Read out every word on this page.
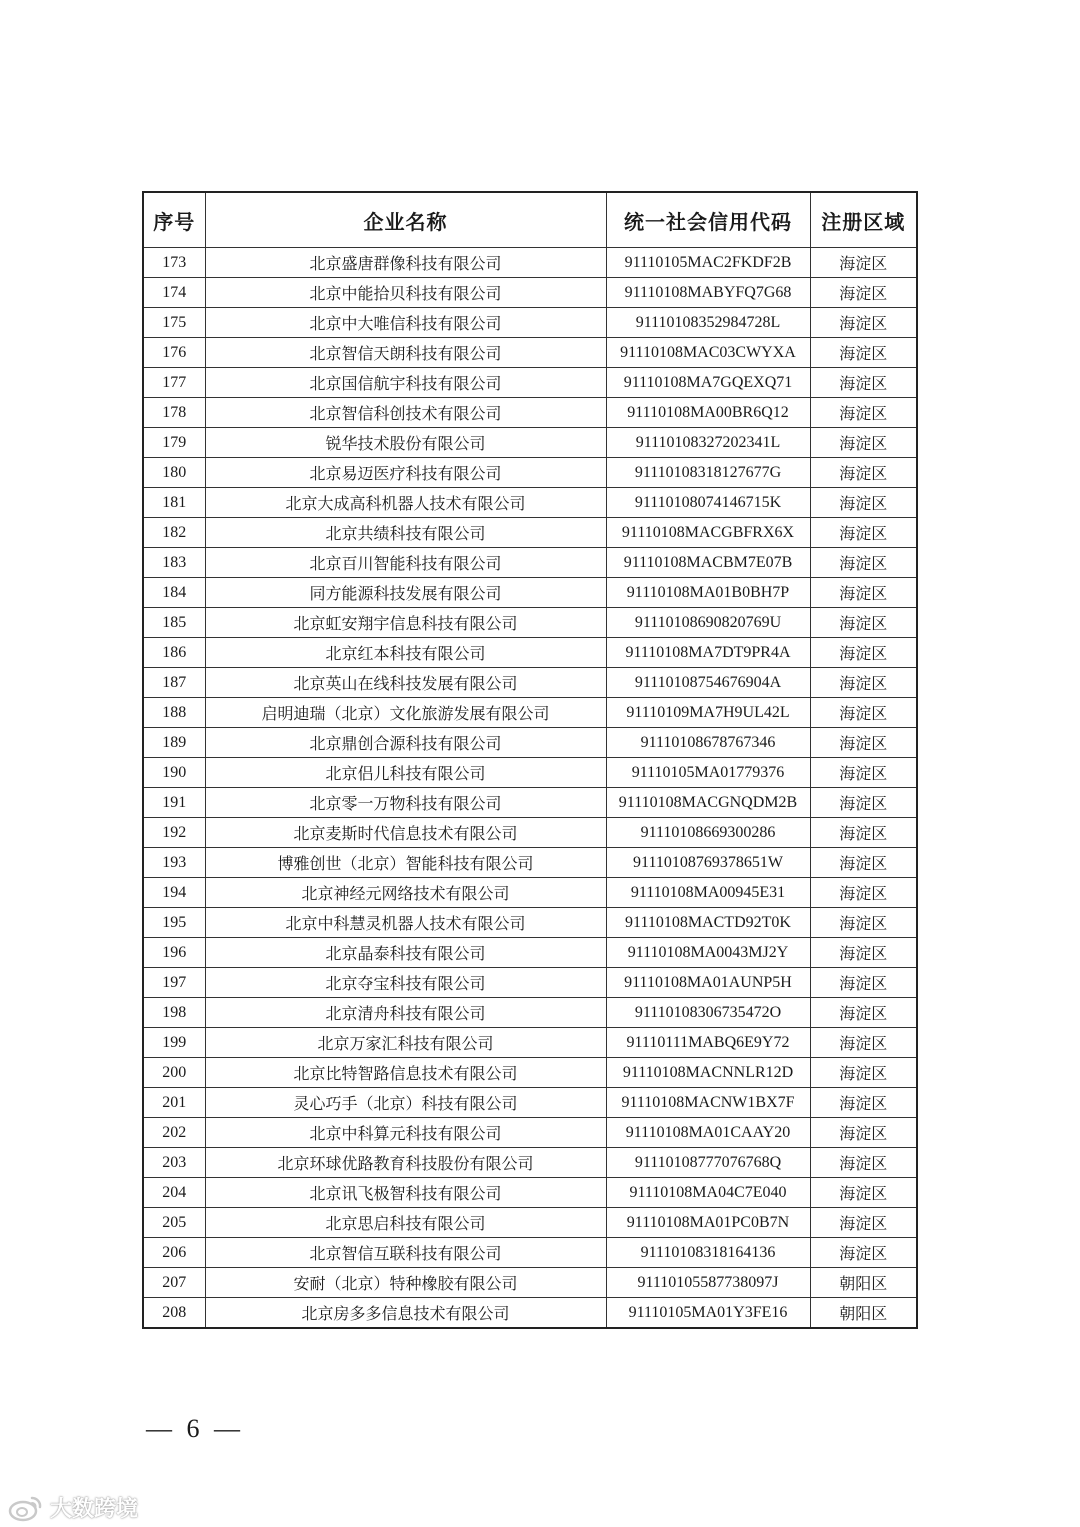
序号	企业名称	统一社会信用代码	注册区域
173	北京盛唐群像科技有限公司	91110105MAC2FKDF2B	海淀区
174	北京中能拾贝科技有限公司	91110108MABYFQ7G68	海淀区
175	北京中大唯信科技有限公司	91110108352984728L	海淀区
176	北京智信天朗科技有限公司	91110108MAC03CWYXA	海淀区
177	北京国信航宇科技有限公司	91110108MA7GQEXQ71	海淀区
178	北京智信科创技术有限公司	91110108MA00BR6Q12	海淀区
179	锐华技术股份有限公司	91110108327202341L	海淀区
180	北京易迈医疗科技有限公司	91110108318127677G	海淀区
181	北京大成高科机器人技术有限公司	91110108074146715K	海淀区
182	北京共绩科技有限公司	91110108MACGBFRX6X	海淀区
183	北京百川智能科技有限公司	91110108MACBM7E07B	海淀区
184	同方能源科技发展有限公司	91110108MA01B0BH7P	海淀区
185	北京虹安翔宇信息科技有限公司	91110108690820769U	海淀区
186	北京红本科技有限公司	91110108MA7DT9PR4A	海淀区
187	北京英山在线科技发展有限公司	91110108754676904A	海淀区
188	启明迪瑞（北京）文化旅游发展有限公司	91110109MA7H9UL42L	海淀区
189	北京鼎创合源科技有限公司	91110108678767346	海淀区
190	北京侣儿科技有限公司	91110105MA01779376	海淀区
191	北京零一万物科技有限公司	91110108MACGNQDM2B	海淀区
192	北京麦斯时代信息技术有限公司	91110108669300286	海淀区
193	博雅创世（北京）智能科技有限公司	91110108769378651W	海淀区
194	北京神经元网络技术有限公司	91110108MA00945E31	海淀区
195	北京中科慧灵机器人技术有限公司	91110108MACTD92T0K	海淀区
196	北京晶泰科技有限公司	91110108MA0043MJ2Y	海淀区
197	北京夺宝科技有限公司	91110108MA01AUNP5H	海淀区
198	北京清舟科技有限公司	91110108306735472O	海淀区
199	北京万家汇科技有限公司	91110111MABQ6E9Y72	海淀区
200	北京比特智路信息技术有限公司	91110108MACNNLR12D	海淀区
201	灵心巧手（北京）科技有限公司	91110108MACNW1BX7F	海淀区
202	北京中科算元科技有限公司	91110108MA01CAAY20	海淀区
203	北京环球优路教育科技股份有限公司	91110108777076768Q	海淀区
204	北京讯飞极智科技有限公司	91110108MA04C7E040	海淀区
205	北京思启科技有限公司	91110108MA01PC0B7N	海淀区
206	北京智信互联科技有限公司	91110108318164136	海淀区
207	安耐（北京）特种橡胶有限公司	91110105587738097J	朝阳区
208	北京房多多信息技术有限公司	91110105MA01Y3FE16	朝阳区
— 6 —
大数跨境
